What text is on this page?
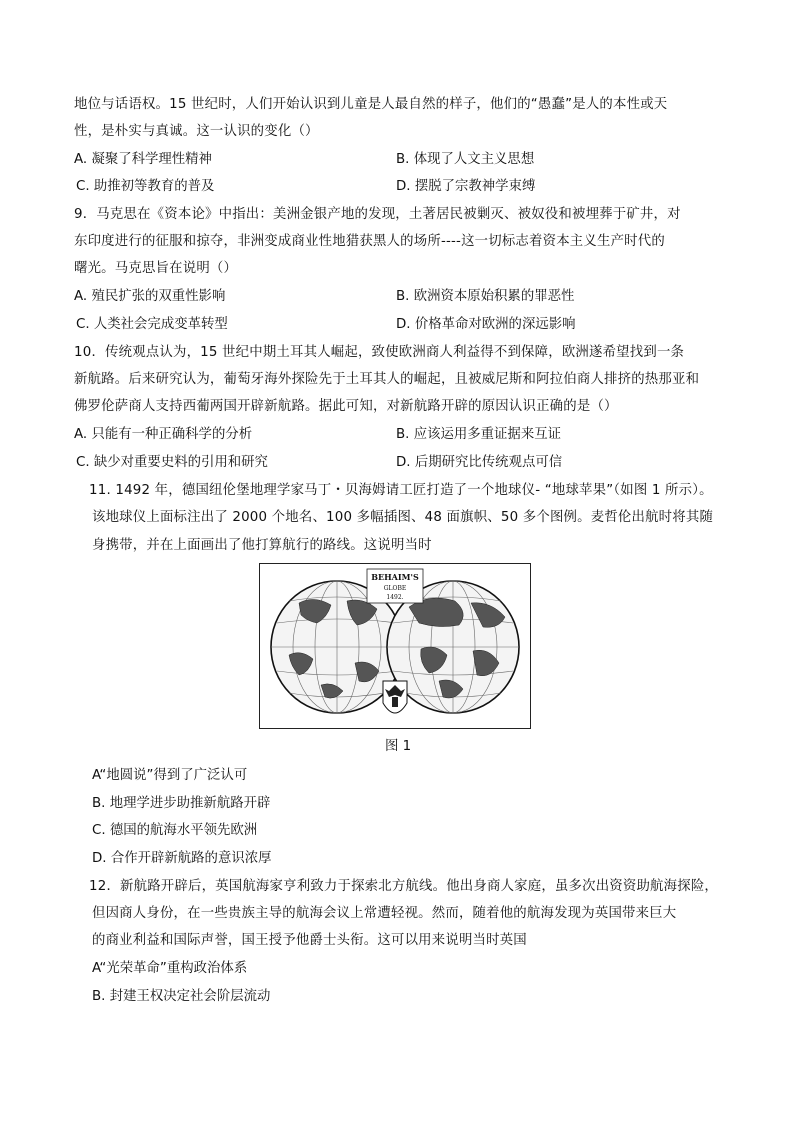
地位与话语权。15 世纪时，人们开始认识到儿童是人最自然的样子，他们的“愚蠢”是人的本性或天
性，是朴实与真诚。这一认识的变化（）
A. 凝聚了科学理性精神	B. 体现了人文主义思想
C. 助推初等教育的普及	D. 摆脱了宗教神学束缚
9．马克思在《资本论》中指出：美洲金银产地的发现，土著居民被剿灭、被奴役和被埋葬于矿井，对
东印度进行的征服和掠夺，非洲变成商业性地猎获黑人的场所----这一切标志着资本主义生产时代的
曙光。马克思旨在说明（）
A. 殖民扩张的双重性影响	B. 欧洲资本原始积累的罪恶性
C. 人类社会完成变革转型	D. 价格革命对欧洲的深远影响
10．传统观点认为，15 世纪中期土耳其人崛起，致使欧洲商人利益得不到保障，欧洲遂希望找到一条
新航路。后来研究认为，葡萄牙海外探险先于土耳其人的崛起，且被威尼斯和阿拉伯商人排挤的热那亚和
佛罗伦萨商人支持西葡两国开辟新航路。据此可知，对新航路开辟的原因认识正确的是（）
A. 只能有一种正确科学的分析	B. 应该运用多重证据来互证
C. 缺少对重要史料的引用和研究	D. 后期研究比传统观点可信
11. 1492 年，德国纽伦堡地理学家马丁・贝海姆请工匠打造了一个地球仪- “地球苹果”（如图 1 所示）。
该地球仪上面标注出了 2000 个地名、100 多幅插图、48 面旗帜、50 多个图例。麦哲伦出航时将其随
身携带，并在上面画出了他打算航行的路线。这说明当时
BEHAIM'S
GLOBE
1492.
图 1
A“地圆说”得到了广泛认可
B. 地理学进步助推新航路开辟
C. 德国的航海水平领先欧洲
D. 合作开辟新航路的意识浓厚
12．新航路开辟后，英国航海家亨利致力于探索北方航线。他出身商人家庭，虽多次出资资助航海探险，
但因商人身份，在一些贵族主导的航海会议上常遭轻视。然而，随着他的航海发现为英国带来巨大
的商业利益和国际声誉，国王授予他爵士头衔。这可以用来说明当时英国
A“光荣革命”重构政治体系
B. 封建王权决定社会阶层流动
